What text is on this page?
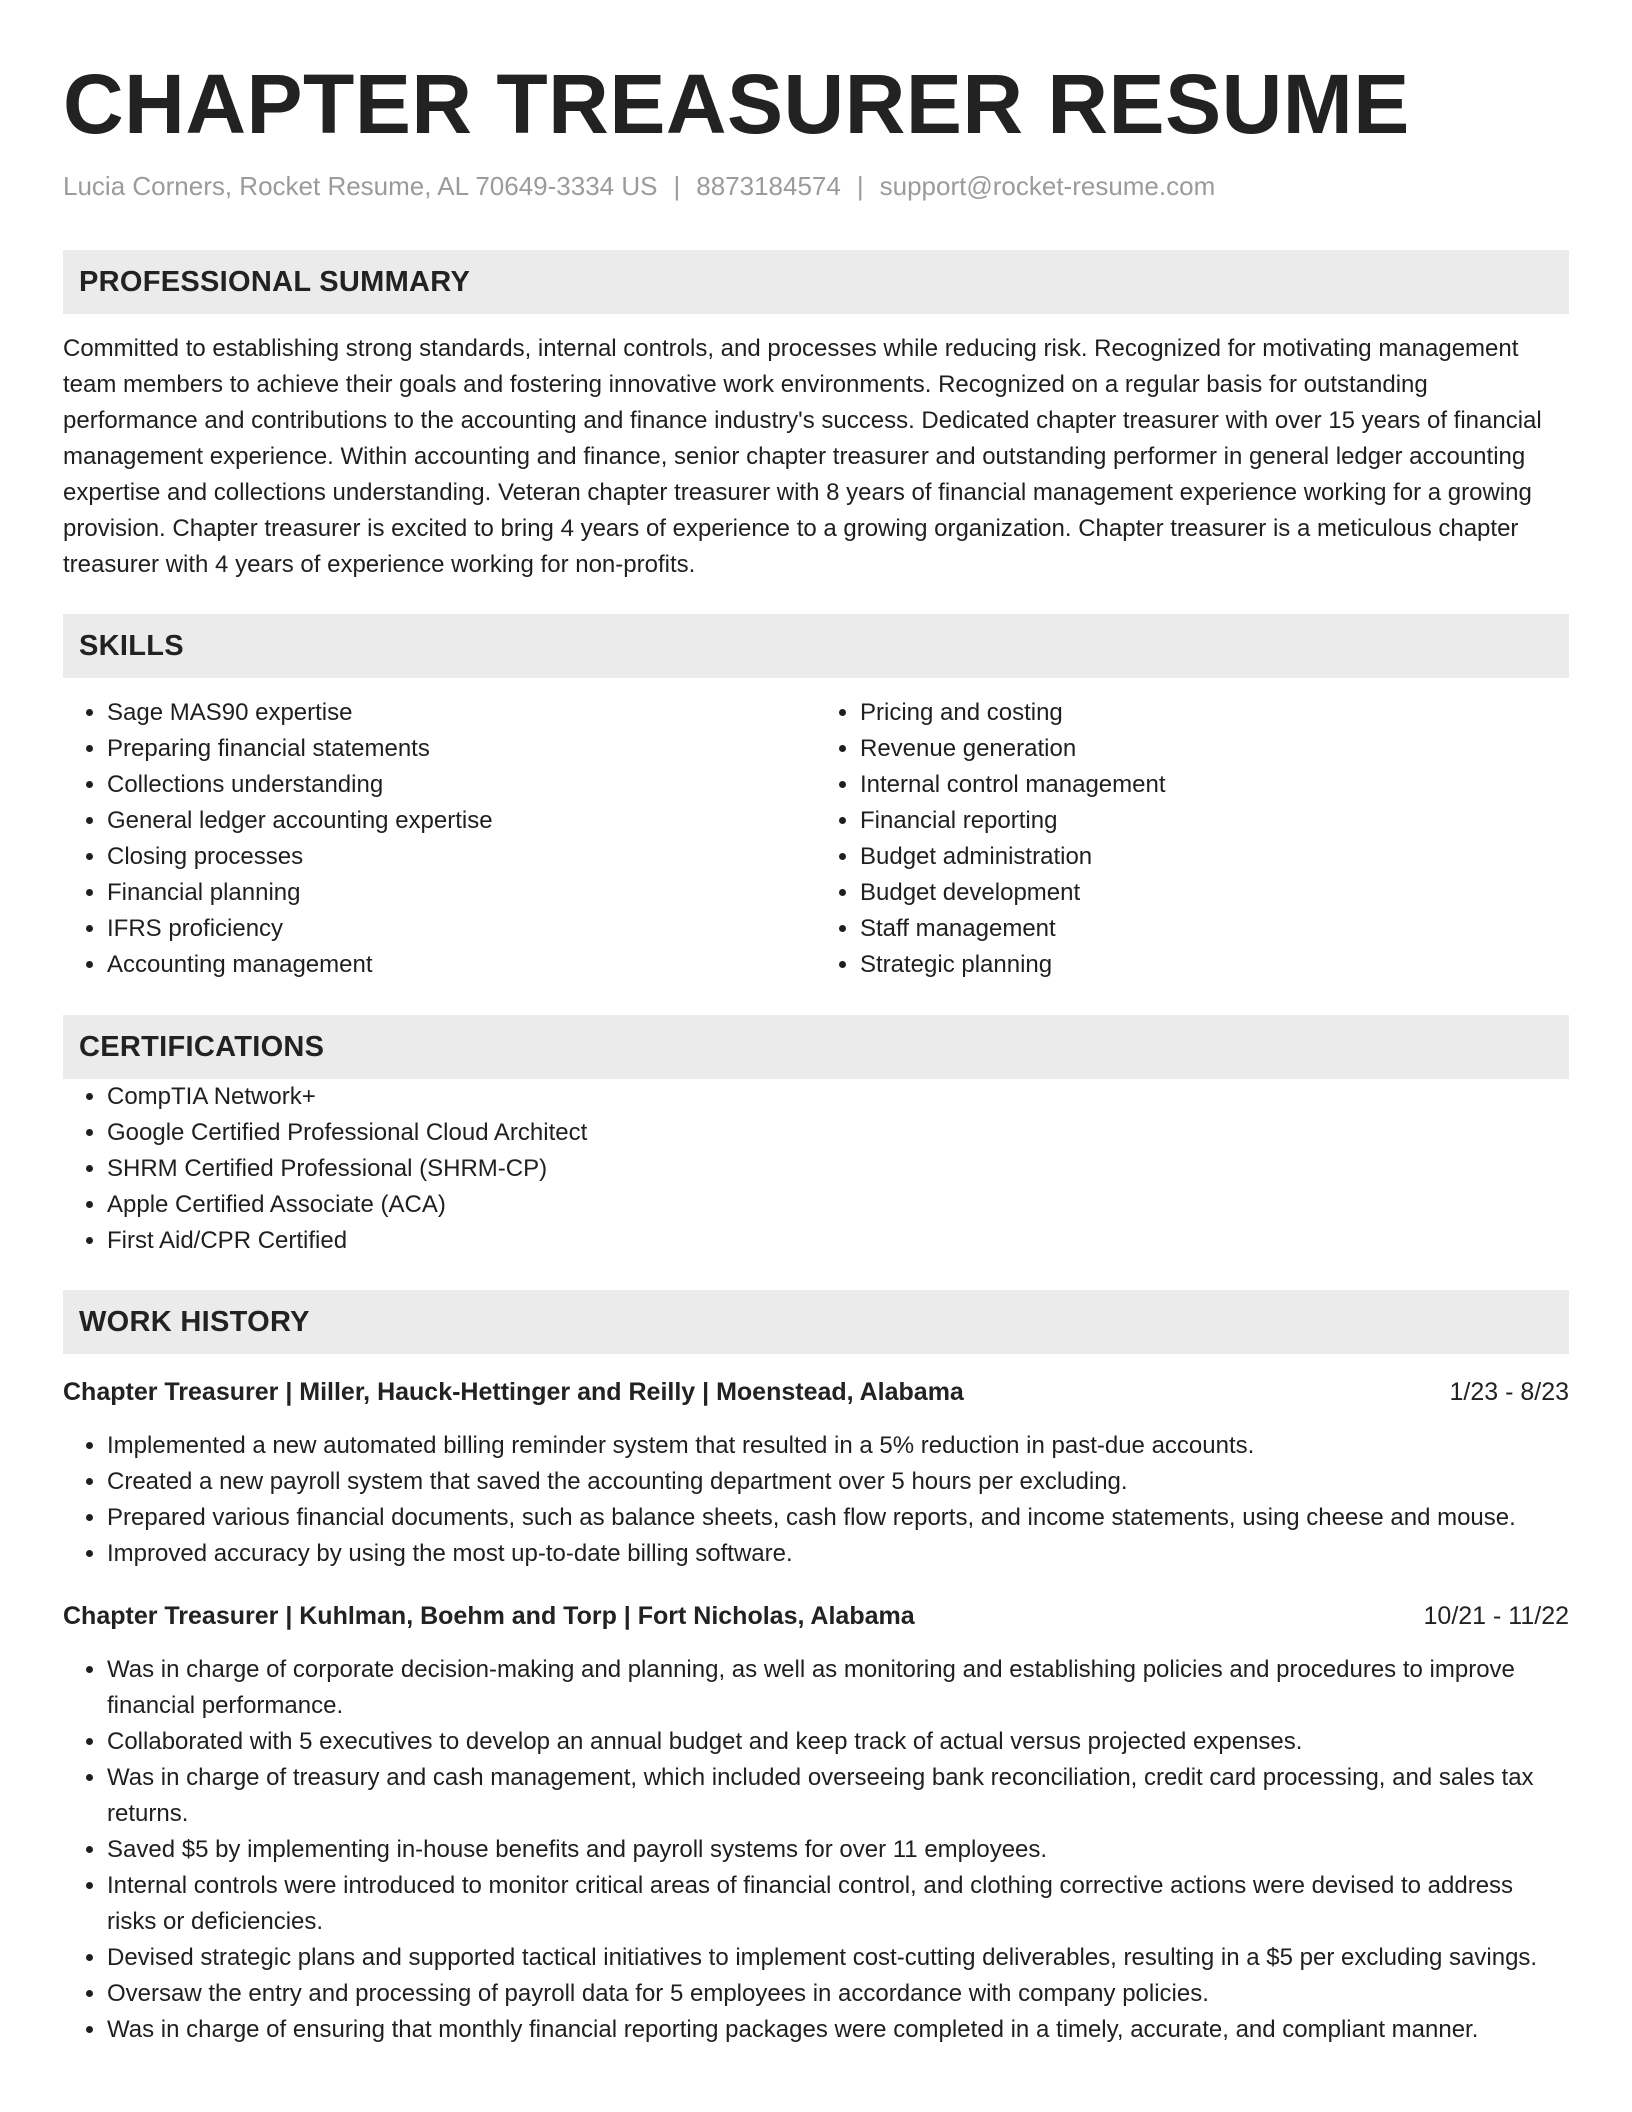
CHAPTER TREASURER RESUME
Lucia Corners, Rocket Resume, AL 70649-3334 US | 8873184574 | support@rocket-resume.com
PROFESSIONAL SUMMARY

Committed to establishing strong standards, internal controls, and processes while reducing risk. Recognized for motivating management team members to achieve their goals and fostering innovative work environments. Recognized on a regular basis for outstanding performance and contributions to the accounting and finance industry's success. Dedicated chapter treasurer with over 15 years of financial management experience. Within accounting and finance, senior chapter treasurer and outstanding performer in general ledger accounting expertise and collections understanding. Veteran chapter treasurer with 8 years of financial management experience working for a growing provision. Chapter treasurer is excited to bring 4 years of experience to a growing organization. Chapter treasurer is a meticulous chapter treasurer with 4 years of experience working for non-profits.

SKILLS
• Sage MAS90 expertise
• Preparing financial statements
• Collections understanding
• General ledger accounting expertise
• Closing processes
• Financial planning
• IFRS proficiency
• Accounting management
• Pricing and costing
• Revenue generation
• Internal control management
• Financial reporting
• Budget administration
• Budget development
• Staff management
• Strategic planning
CERTIFICATIONS
• CompTIA Network+
• Google Certified Professional Cloud Architect
• SHRM Certified Professional (SHRM-CP)
• Apple Certified Associate (ACA)
• First Aid/CPR Certified
WORK HISTORY
Chapter Treasurer | Miller, Hauck-Hettinger and Reilly | Moenstead, Alabama	1/23 - 8/23
• Implemented a new automated billing reminder system that resulted in a 5% reduction in past-due accounts.
• Created a new payroll system that saved the accounting department over 5 hours per excluding.
• Prepared various financial documents, such as balance sheets, cash flow reports, and income statements, using cheese and mouse.
• Improved accuracy by using the most up-to-date billing software.
Chapter Treasurer | Kuhlman, Boehm and Torp | Fort Nicholas, Alabama	10/21 - 11/22
• Was in charge of corporate decision-making and planning, as well as monitoring and establishing policies and procedures to improve financial performance.
• Collaborated with 5 executives to develop an annual budget and keep track of actual versus projected expenses.
• Was in charge of treasury and cash management, which included overseeing bank reconciliation, credit card processing, and sales tax returns.
• Saved $5 by implementing in-house benefits and payroll systems for over 11 employees.
• Internal controls were introduced to monitor critical areas of financial control, and clothing corrective actions were devised to address risks or deficiencies.
• Devised strategic plans and supported tactical initiatives to implement cost-cutting deliverables, resulting in a $5 per excluding savings.
• Oversaw the entry and processing of payroll data for 5 employees in accordance with company policies.
• Was in charge of ensuring that monthly financial reporting packages were completed in a timely, accurate, and compliant manner.
